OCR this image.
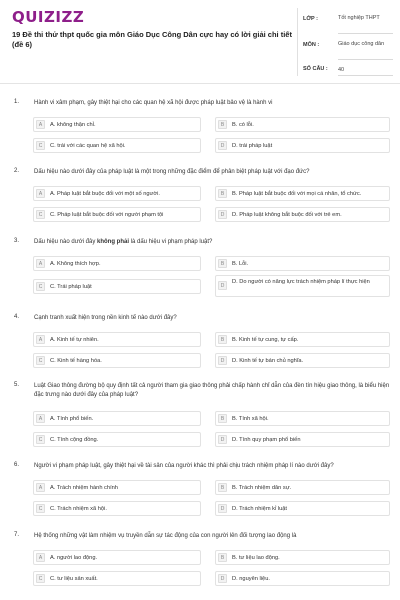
QUIZIZZ
19 Đề thi thử thpt quốc gia môn Giáo Dục Công Dân cực hay có lời giải chi tiết (đề 6)
LỚP :	Tốt nghiệp THPT
MÔN :	Giáo dục công dân
SỐ CÂU : 40
1. Hành vi xâm phạm, gây thiệt hại cho các quan hệ xã hội được pháp luật bảo vệ là hành vi
A	A. không thận chỉ.	B	B. có lỗi.
C	C. trái với các quan hệ xã hội.	D	D. trái pháp luật
2. Dấu hiệu nào dưới đây của pháp luật là một trong những đặc điểm để phân biệt pháp luật với đạo đức?
A	A. Pháp luật bắt buộc đối với một số người.	B	B. Pháp luật bắt buộc đối với mọi cá nhân, tổ chức.
C	C. Pháp luật bắt buộc đối với người phạm tội	D	D. Pháp luật không bắt buộc đối với trẻ em.
3. Dấu hiệu nào dưới đây không phải là dấu hiệu vi phạm pháp luật?
A	A. Không thích hợp.	B	B. Lỗi.
C	C. Trái pháp luật	D
D. Do người có năng lực trách nhiệm pháp lí thực hiện
4. Cạnh tranh xuất hiện trong nền kinh tế nào dưới đây?
A	A. Kinh tế tự nhiên.	B	B. Kinh tế tự cung, tự cấp.
C	C. Kinh tế hàng hóa.	D	D. Kinh tế tự bán chủ nghĩa.
5. Luật Giao thông đường bộ quy định tất cả người tham gia giao thông phải chấp hành chỉ dẫn của đèn tín hiệu giao thông, là biểu hiện đặc trưng nào dưới đây của pháp luật?
A	A. Tính phổ biến.	B	B. Tính xã hội.
C	C. Tính cộng đồng.	D	D. Tính quy phạm phổ biến
6. Người vi phạm pháp luật, gây thiệt hại về tài sản của người khác thì phải chịu trách nhiệm pháp lí nào dưới đây?
A	A. Trách nhiệm hành chính	B	B. Trách nhiệm dân sự.
C	C. Trách nhiệm xã hội.	D	D. Trách nhiệm kỉ luật
7. Hệ thống những vật làm nhiệm vụ truyền dẫn sự tác động của con người lên đối tượng lao động là
A	A. người lao động.	B	B. tư liệu lao động.
C	C. tư liệu sản xuất.	D	D. nguyên liệu.
